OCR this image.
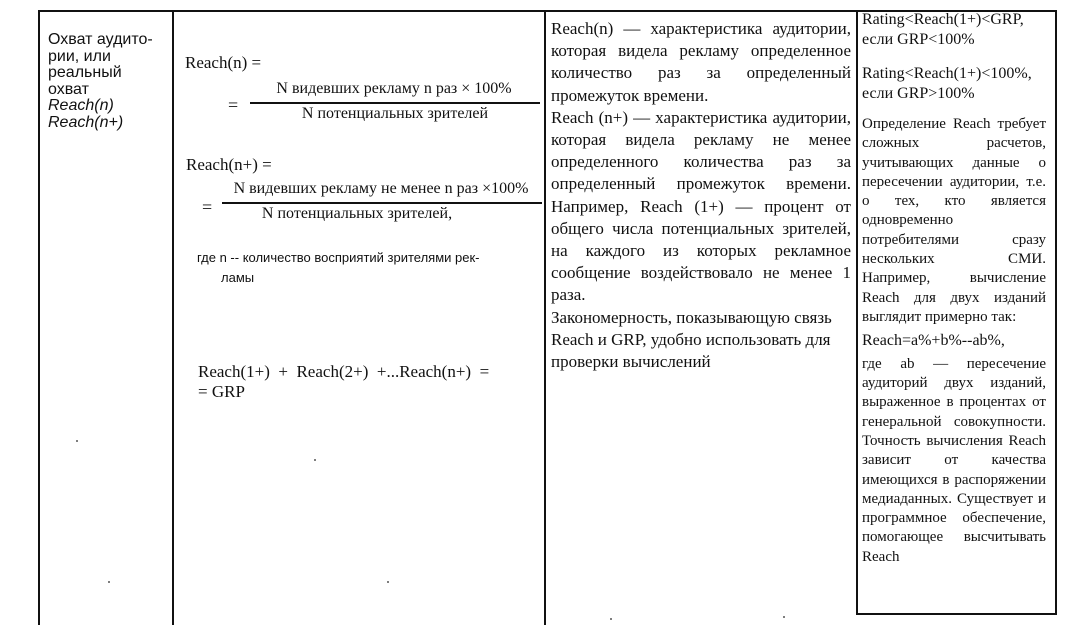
Охват аудито-
рии, или
реальный
охват
Reach(n)
Reach(n+)
Reach(n) =
=
N видевших рекламу n раз × 100%
N потенциальных зрителей
Reach(n+) =
=
N видевших рекламу не менее n раз ×100%
N потенциальных зрителей,
где n -- количество восприятий зрителями рек-
ламы
Reach(1+)  +  Reach(2+)  +...Reach(n+)  =
= GRP

Reach(n) — характеристика аудитории, которая видела рекламу определенное количество раз за определенный промежуток времени.

Reach (n+) — характеристика аудитории, которая видела рекламу не менее определенного количества раз за определенный промежуток времени. Например, Reach (1+) — процент от общего числа потенциальных зрителей, на каждого из которых рекламное сообщение воздействовало не менее 1 раза.

Закономерность, показывающую связь Reach и GRP, удобно использовать для проверки вычислений

Rating<Reach(1+)<GRP,
если GRP<100%
Rating<Reach(1+)<100%,
если GRP>100%
Определение Reach требует сложных расчетов, учитывающих данные о пересечении аудитории, т.е. о тех, кто является одновременно потребителями сразу нескольких СМИ. Например, вычисление Reach для двух изданий выглядит примерно так:
Reach=a%+b%--ab%,
где ab — пересечение аудиторий двух изданий, выраженное в процентах от генеральной совокупности. Точность вычисления Reach зависит от качества имеющихся в распоряжении медиаданных. Существует и программное обеспечение, помогающее высчитывать Reach
